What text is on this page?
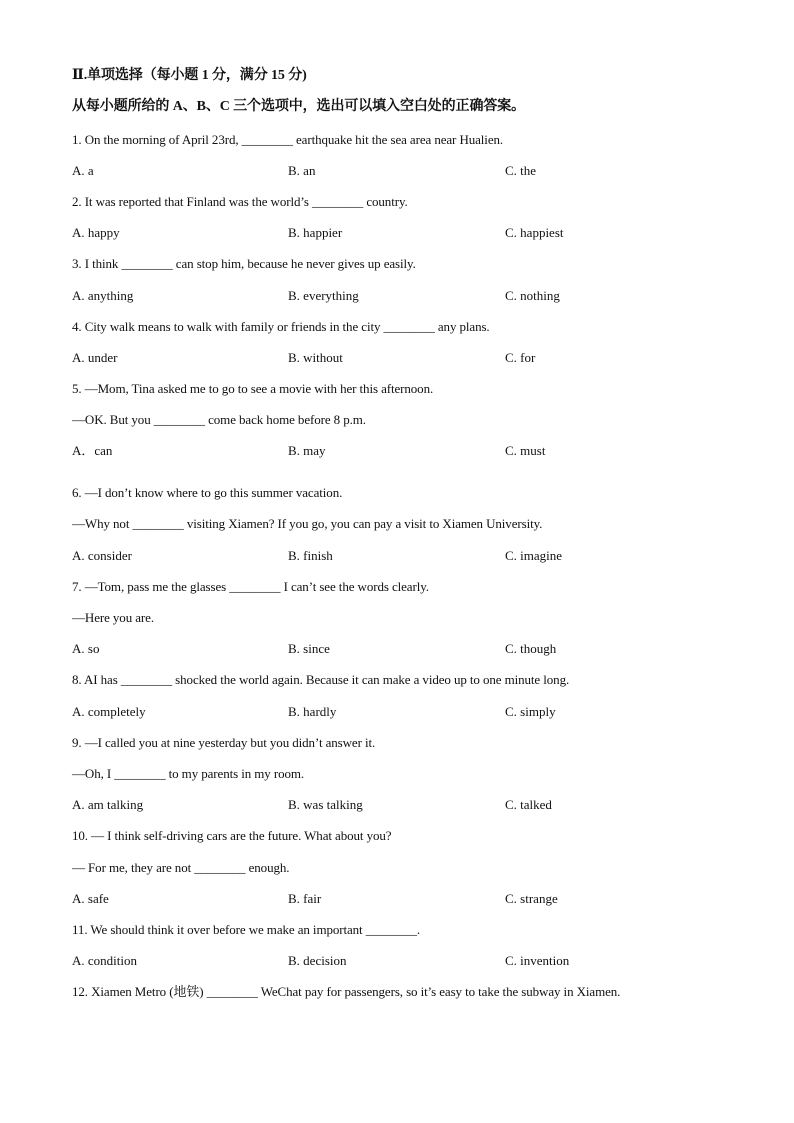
Ⅱ.单项选择（每小题 1 分，满分 15 分)
从每小题所给的 A、B、C 三个选项中，选出可以填入空白处的正确答案。
1. On the morning of April 23rd, ________ earthquake hit the sea area near Hualien.
A. a	B. an	C. the
2. It was reported that Finland was the world’s ________ country.
A. happy	B. happier	C. happiest
3. I think ________ can stop him, because he never gives up easily.
A. anything	B. everything	C. nothing
4. City walk means to walk with family or friends in the city ________ any plans.
A. under	B. without	C. for
5. —Mom, Tina asked me to go to see a movie with her this afternoon.
—OK. But you ________ come back home before 8 p.m.
A．can	B. may	C. must
6. —I don’t know where to go this summer vacation.
—Why not ________ visiting Xiamen? If you go, you can pay a visit to Xiamen University.
A. consider	B. finish	C. imagine
7. —Tom, pass me the glasses ________ I can’t see the words clearly.
—Here you are.
A. so	B. since	C. though
8. AI has ________ shocked the world again. Because it can make a video up to one minute long.
A. completely	B. hardly	C. simply
9. —I called you at nine yesterday but you didn’t answer it.
—Oh, I ________ to my parents in my room.
A. am talking	B. was talking	C. talked
10. — I think self-driving cars are the future. What about you?
— For me, they are not ________ enough.
A. safe	B. fair	C. strange
11. We should think it over before we make an important ________.
A. condition	B. decision	C. invention
12. Xiamen Metro (地铁) ________ WeChat pay for passengers, so it’s easy to take the subway in Xiamen.
